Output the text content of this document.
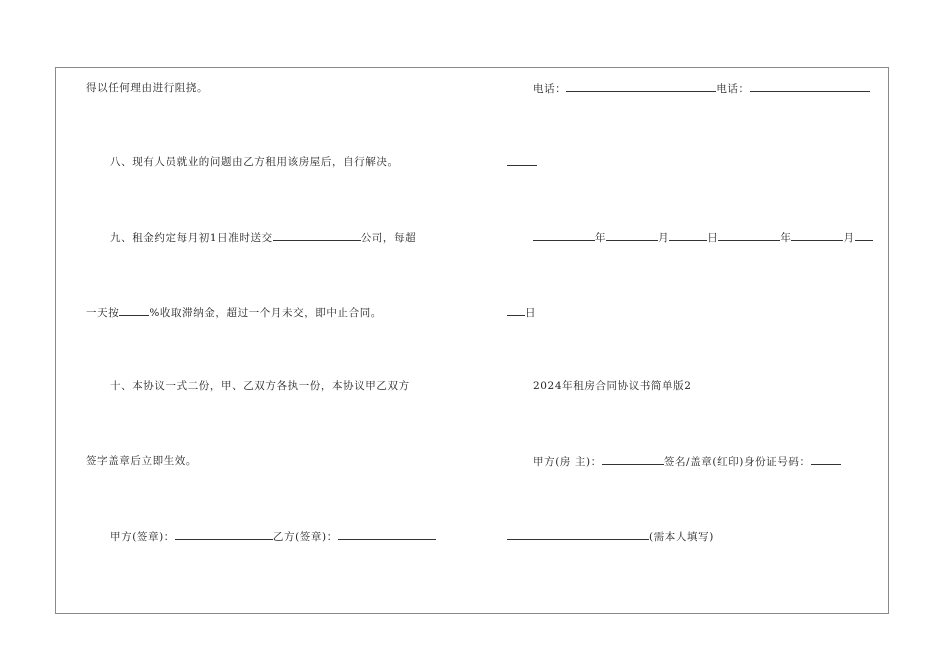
得以任何理由进行阻挠。
八、现有人员就业的问题由乙方租用该房屋后，自行解决。
九、租金约定每月初1日准时送交	公司，每超
一天按	%收取滞纳金，超过一个月未交，即中止合同。
十、本协议一式二份，甲、乙双方各执一份，本协议甲乙双方
签字盖章后立即生效。
甲方(签章)：	乙方(签章)：
电话：	电话：
年	月	日	年	月
日
2024年租房合同协议书简单版2
甲方(房 主)：	签名/盖章(红印)身份证号码：
(需本人填写)
